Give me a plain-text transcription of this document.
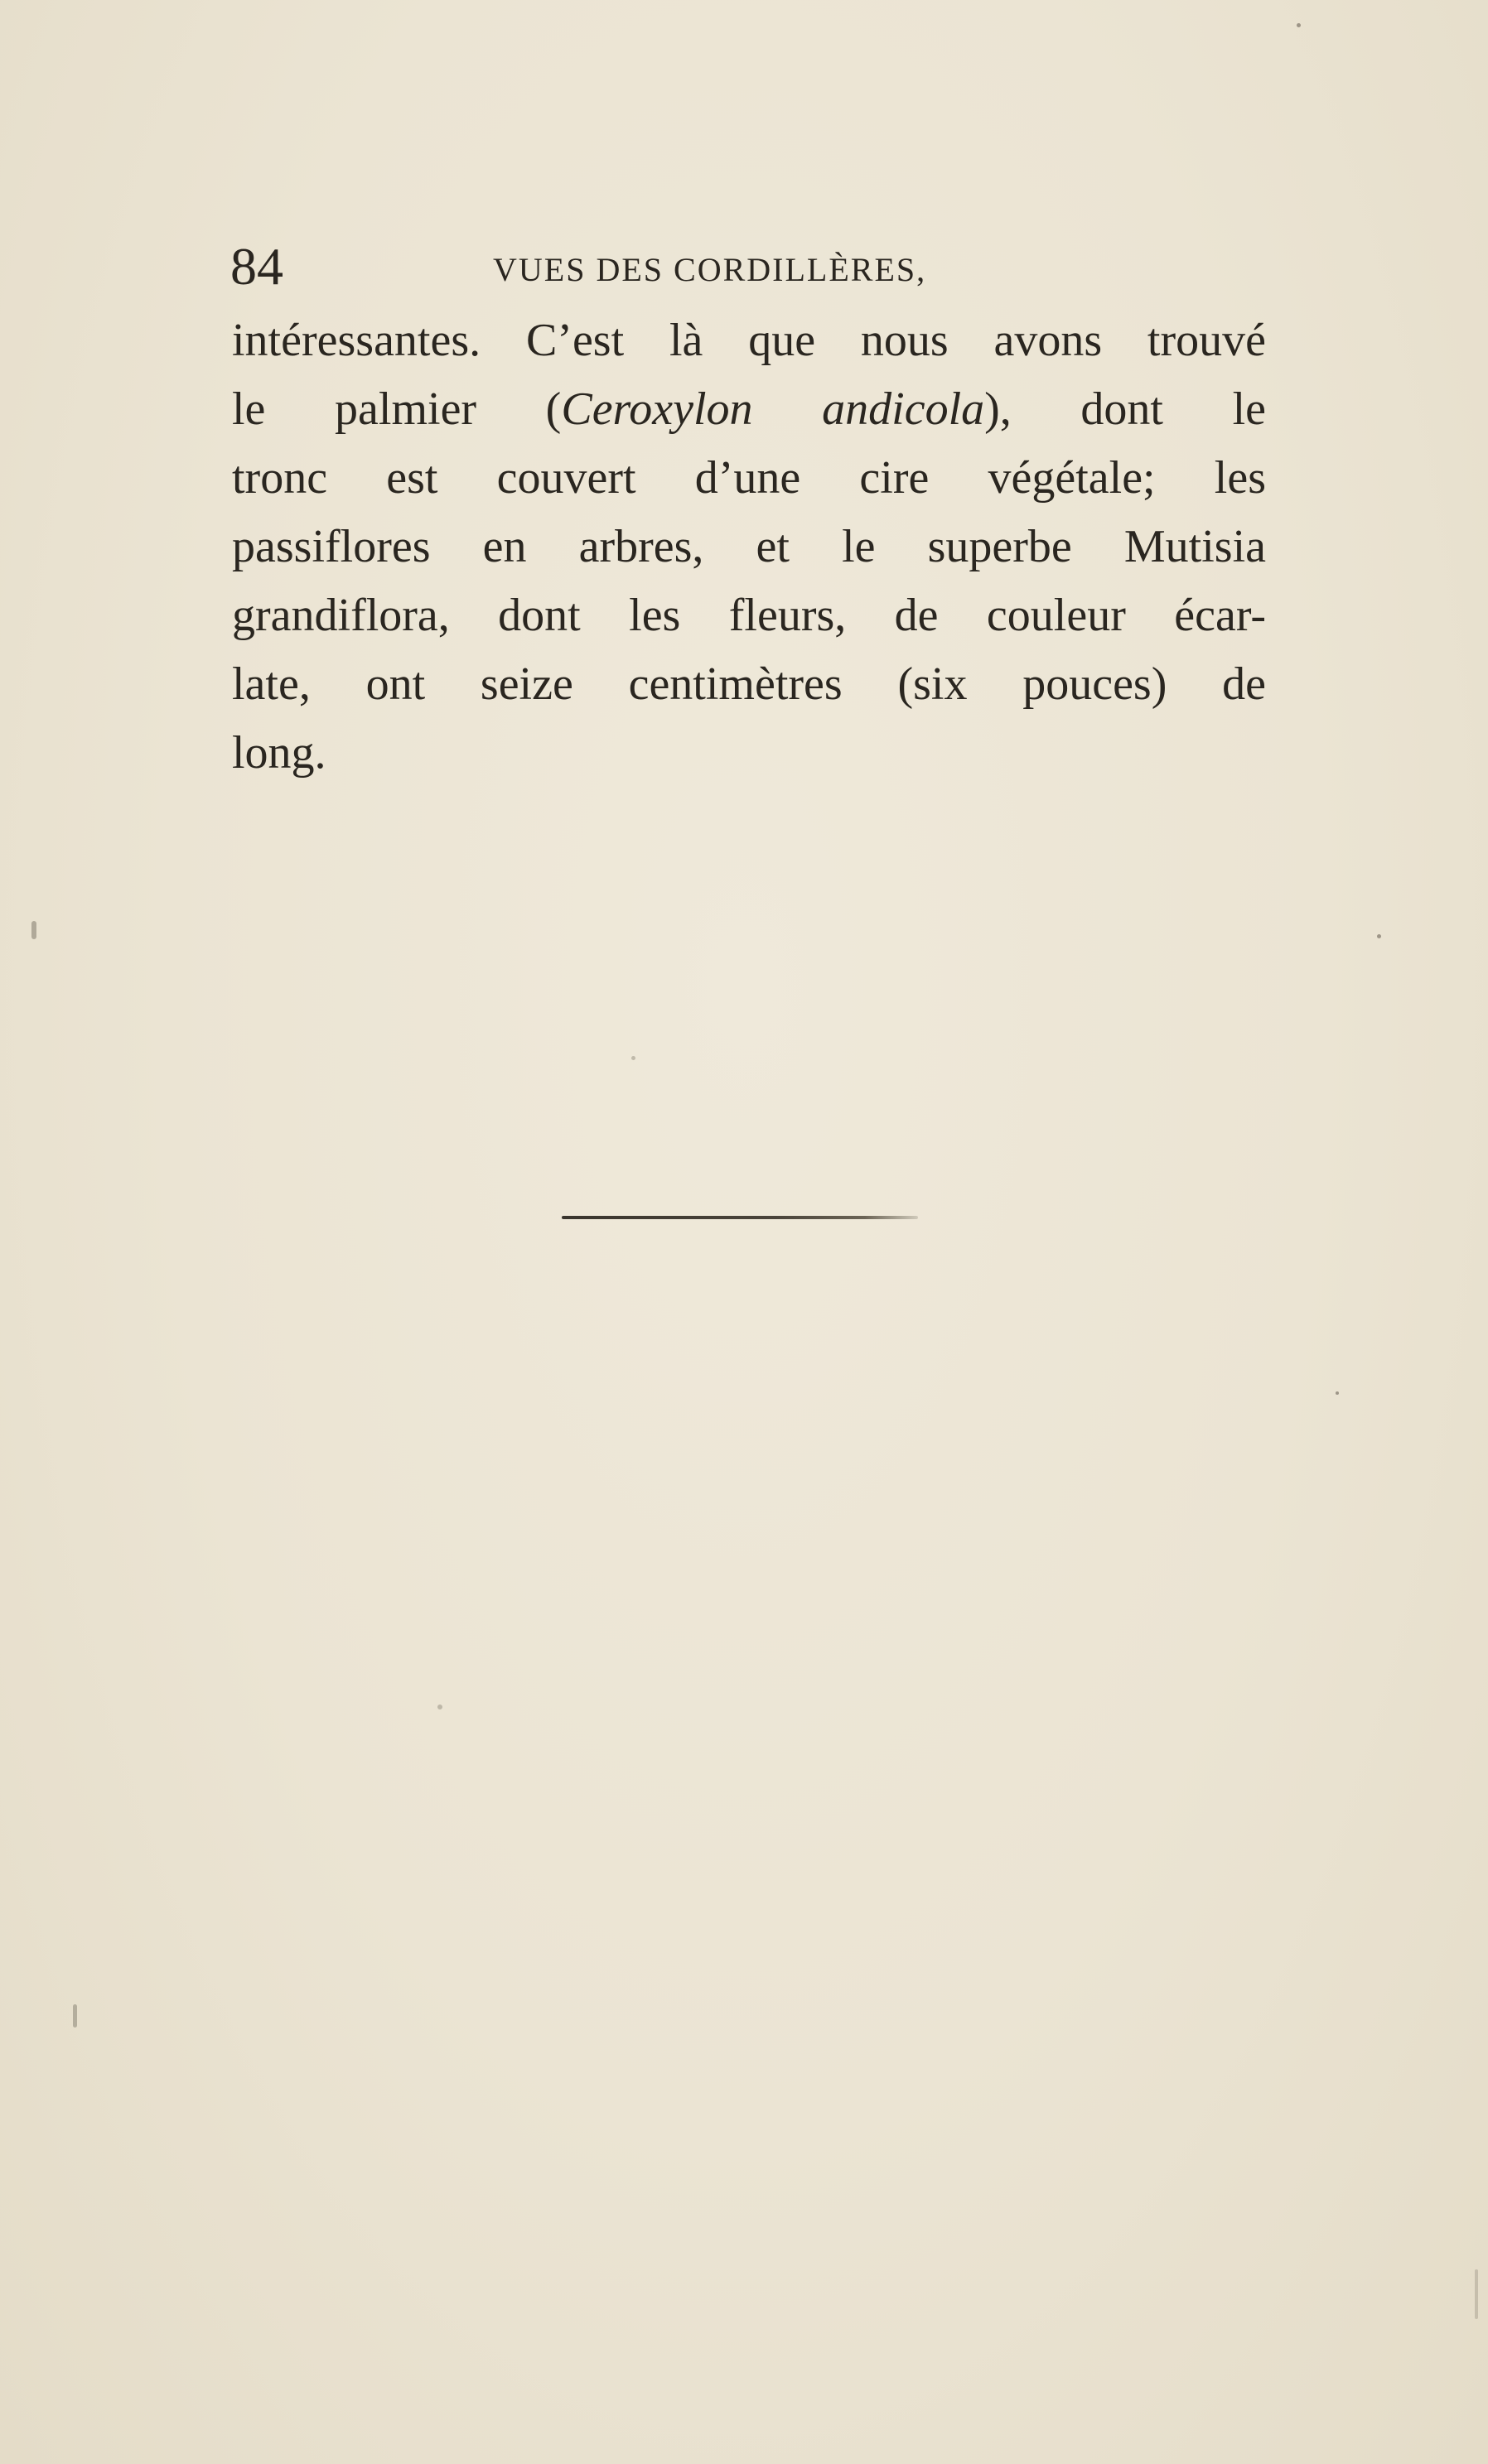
84	VUES DES CORDILLÈRES,
intéressantes. C’est là que nous avons trouvé
le palmier (Ceroxylon andicola), dont le
tronc est couvert d’une cire végétale; les
passiflores en arbres, et le superbe Mutisia
grandiflora, dont les fleurs, de couleur écar-
late, ont seize centimètres (six pouces) de
long.
